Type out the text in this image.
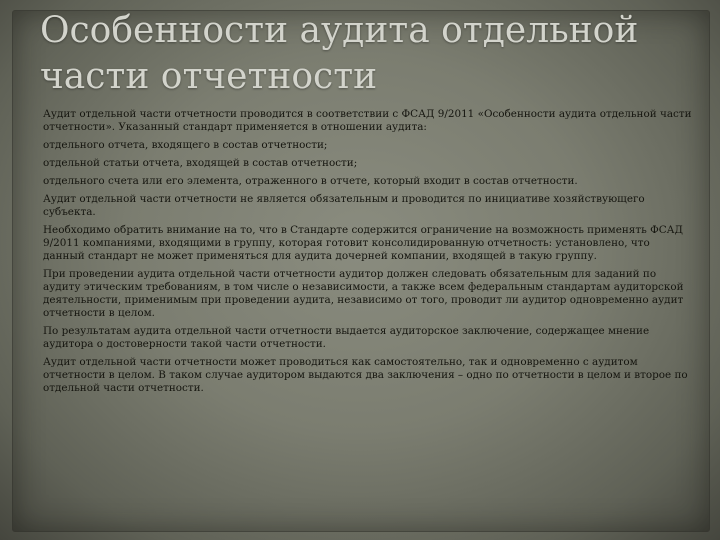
Особенности аудита отдельной части отчетности
Аудит отдельной части отчетности проводится в соответствии с ФСАД 9/2011 «Особенности аудита отдельной части отчетности». Указанный стандарт применяется в отношении аудита:
отдельного отчета, входящего в состав отчетности;
отдельной статьи отчета, входящей в состав отчетности;
отдельного счета или его элемента, отраженного в отчете, который входит в состав отчетности.
Аудит отдельной части отчетности не является обязательным и проводится по инициативе хозяйствующего субъекта.
Необходимо обратить внимание на то, что в Стандарте содержится ограничение на возможность применять ФСАД 9/2011 компаниями, входящими в группу, которая готовит консолидированную отчетность: установлено, что данный стандарт не может применяться для аудита дочерней компании, входящей в такую группу.
При проведении аудита отдельной части отчетности аудитор должен следовать обязательным для заданий по аудиту этическим требованиям, в том числе о независимости, а также всем федеральным стандартам аудиторской деятельности, применимым при проведении аудита, независимо от того, проводит ли аудитор одновременно аудит отчетности в целом.
По результатам аудита отдельной части отчетности выдается аудиторское заключение, содержащее мнение аудитора о достоверности такой части отчетности.
Аудит отдельной части отчетности может проводиться как самостоятельно, так и одновременно с аудитом отчетности в целом. В таком случае аудитором выдаются два заключения – одно по отчетности в целом и второе по отдельной части отчетности.
